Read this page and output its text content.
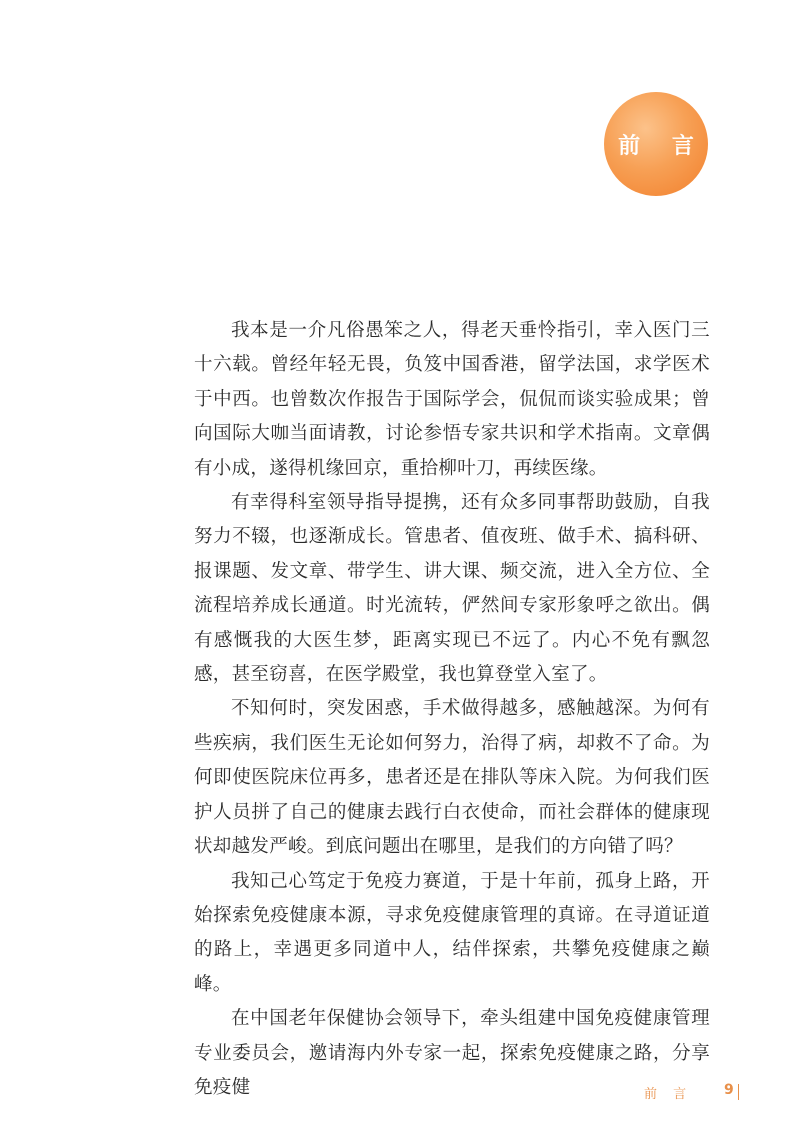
前 言

我本是一介凡俗愚笨之人，得老天垂怜指引，幸入医门三十六载。曾经年轻无畏，负笈中国香港，留学法国，求学医术于中西。也曾数次作报告于国际学会，侃侃而谈实验成果；曾向国际大咖当面请教，讨论参悟专家共识和学术指南。文章偶有小成，遂得机缘回京，重拾柳叶刀，再续医缘。

有幸得科室领导指导提携，还有众多同事帮助鼓励，自我努力不辍，也逐渐成长。管患者、值夜班、做手术、搞科研、报课题、发文章、带学生、讲大课、频交流，进入全方位、全流程培养成长通道。时光流转，俨然间专家形象呼之欲出。偶有感慨我的大医生梦，距离实现已不远了。内心不免有飘忽感，甚至窃喜，在医学殿堂，我也算登堂入室了。

不知何时，突发困惑，手术做得越多，感触越深。为何有些疾病，我们医生无论如何努力，治得了病，却救不了命。为何即使医院床位再多，患者还是在排队等床入院。为何我们医护人员拼了自己的健康去践行白衣使命，而社会群体的健康现状却越发严峻。到底问题出在哪里，是我们的方向错了吗？

我知己心笃定于免疫力赛道，于是十年前，孤身上路，开始探索免疫健康本源，寻求免疫健康管理的真谛。在寻道证道的路上，幸遇更多同道中人，结伴探索，共攀免疫健康之巅峰。

在中国老年保健协会领导下，牵头组建中国免疫健康管理专业委员会，邀请海内外专家一起，探索免疫健康之路，分享免疫健	前 言 9
